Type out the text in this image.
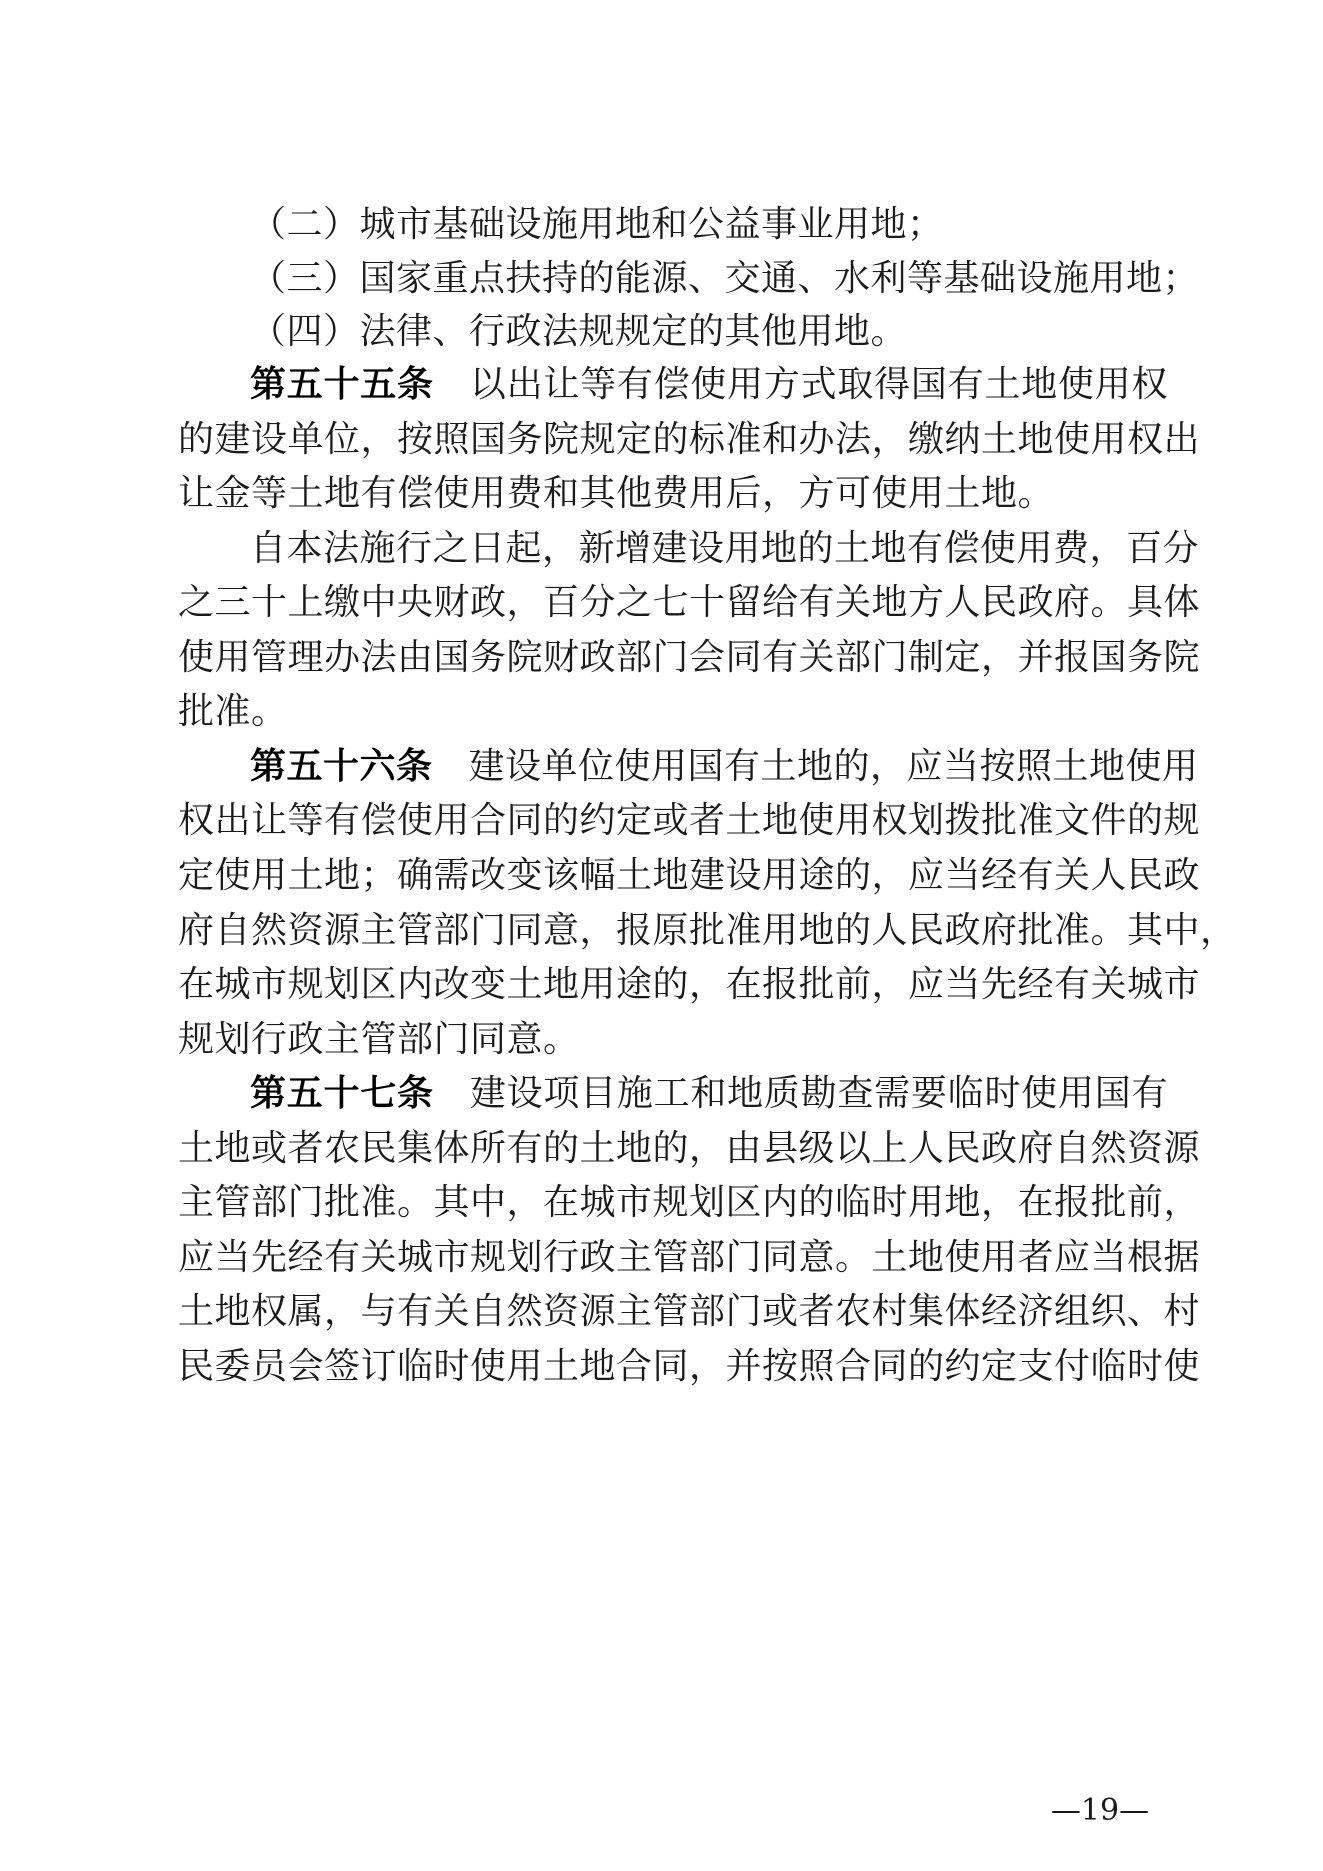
（二）城市基础设施用地和公益事业用地；
（三）国家重点扶持的能源、交通、水利等基础设施用地；
（四）法律、行政法规规定的其他用地。
第五十五条 以出让等有偿使用方式取得国有土地使用权
的建设单位，按照国务院规定的标准和办法，缴纳土地使用权出
让金等土地有偿使用费和其他费用后，方可使用土地。
自本法施行之日起，新增建设用地的土地有偿使用费，百分
之三十上缴中央财政，百分之七十留给有关地方人民政府。具体
使用管理办法由国务院财政部门会同有关部门制定，并报国务院
批准。
第五十六条 建设单位使用国有土地的，应当按照土地使用
权出让等有偿使用合同的约定或者土地使用权划拨批准文件的规
定使用土地；确需改变该幅土地建设用途的，应当经有关人民政
府自然资源主管部门同意，报原批准用地的人民政府批准。其中，
在城市规划区内改变土地用途的，在报批前，应当先经有关城市
规划行政主管部门同意。
第五十七条 建设项目施工和地质勘查需要临时使用国有
土地或者农民集体所有的土地的，由县级以上人民政府自然资源
主管部门批准。其中，在城市规划区内的临时用地，在报批前，
应当先经有关城市规划行政主管部门同意。土地使用者应当根据
土地权属，与有关自然资源主管部门或者农村集体经济组织、村
民委员会签订临时使用土地合同，并按照合同的约定支付临时使
—19—
